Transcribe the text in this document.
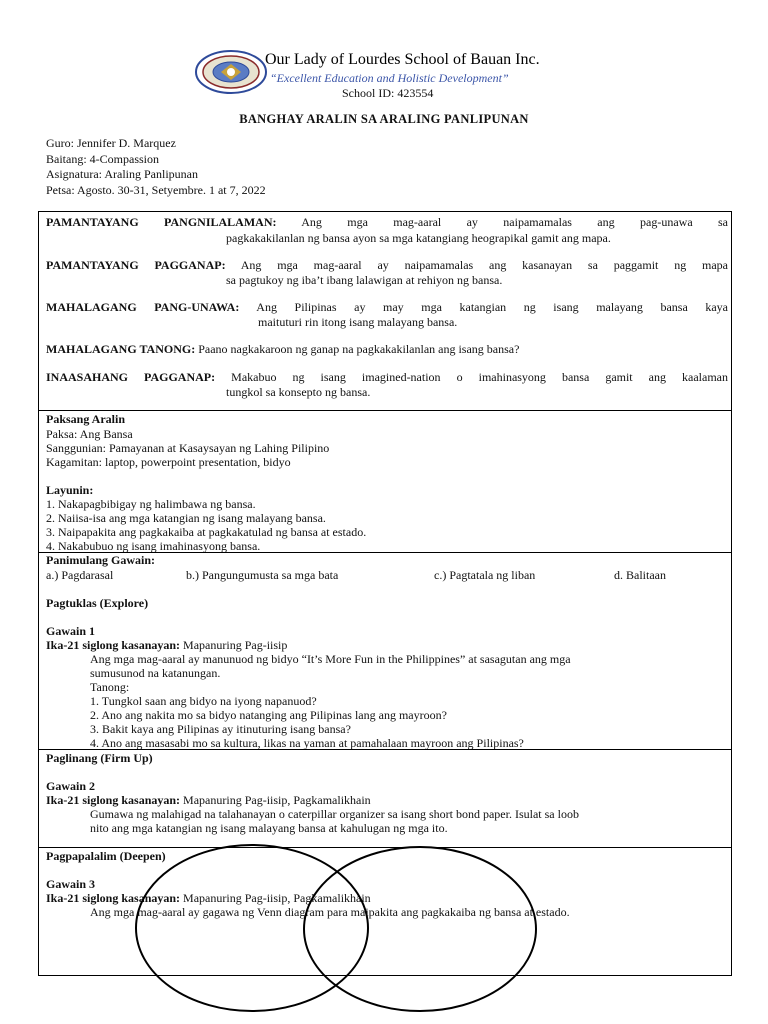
Our Lady of Lourdes School of Bauan Inc.
“Excellent Education and Holistic Development”
School ID: 423554
BANGHAY ARALIN SA ARALING PANLIPUNAN
Guro: Jennifer D. Marquez
Baitang: 4-Compassion
Asignatura: Araling Panlipunan
Petsa: Agosto. 30-31, Setyembre. 1 at 7, 2022
PAMANTAYANG PANGNILALAMAN: Ang mga mag-aaral ay naipamamalas ang pag-unawa sa
pagkakakilanlan ng bansa ayon sa mga katangiang heograpikal gamit ang mapa.
PAMANTAYANG PAGGANAP: Ang mga mag-aaral ay naipamamalas ang kasanayan sa paggamit ng mapa
sa pagtukoy ng iba’t ibang lalawigan at rehiyon ng bansa.
MAHALAGANG PANG-UNAWA: Ang Pilipinas ay may mga katangian ng isang malayang bansa kaya
maituturi rin itong isang malayang bansa.
MAHALAGANG TANONG: Paano nagkakaroon ng ganap na pagkakakilanlan ang isang bansa?
INAASAHANG PAGGANAP: Makabuo ng isang imagined-nation o imahinasyong bansa gamit ang kaalaman
tungkol sa konsepto ng bansa.
Paksang Aralin
Paksa: Ang Bansa
Sanggunian: Pamayanan at Kasaysayan ng Lahing Pilipino
Kagamitan: laptop, powerpoint presentation, bidyo
Layunin:
1. Nakapagbibigay ng halimbawa ng bansa.
2. Naiisa-isa ang mga katangian ng isang malayang bansa.
3. Naipapakita ang pagkakaiba at pagkakatulad ng bansa at estado.
4. Nakabubuo ng isang imahinasyong bansa.
Panimulang Gawain:
a.) Pagdarasal	b.) Pangungumusta sa mga bata	c.) Pagtatala ng liban	d. Balitaan
Pagtuklas (Explore)
Gawain 1
Ika-21 siglong kasanayan: Mapanuring Pag-iisip
Ang mga mag-aaral ay manunuod ng bidyo “It’s More Fun in the Philippines” at sasagutan ang mga
sumusunod na katanungan.
Tanong:
1. Tungkol saan ang bidyo na iyong napanuod?
2. Ano ang nakita mo sa bidyo natanging ang Pilipinas lang ang mayroon?
3. Bakit kaya ang Pilipinas ay itinuturing isang bansa?
4. Ano ang masasabi mo sa kultura, likas na yaman at pamahalaan mayroon ang Pilipinas?
Paglinang (Firm Up)
Gawain 2
Ika-21 siglong kasanayan: Mapanuring Pag-iisip, Pagkamalikhain
Gumawa ng malahigad na talahanayan o caterpillar organizer sa isang short bond paper. Isulat sa loob
nito ang mga katangian ng isang malayang bansa at kahulugan ng mga ito.
Pagpapalalim (Deepen)
Gawain 3
Ika-21 siglong kasanayan: Mapanuring Pag-iisip, Pagkamalikhain
Ang mga mag-aaral ay gagawa ng Venn diagram para maipakita ang pagkakaiba ng bansa at estado.
